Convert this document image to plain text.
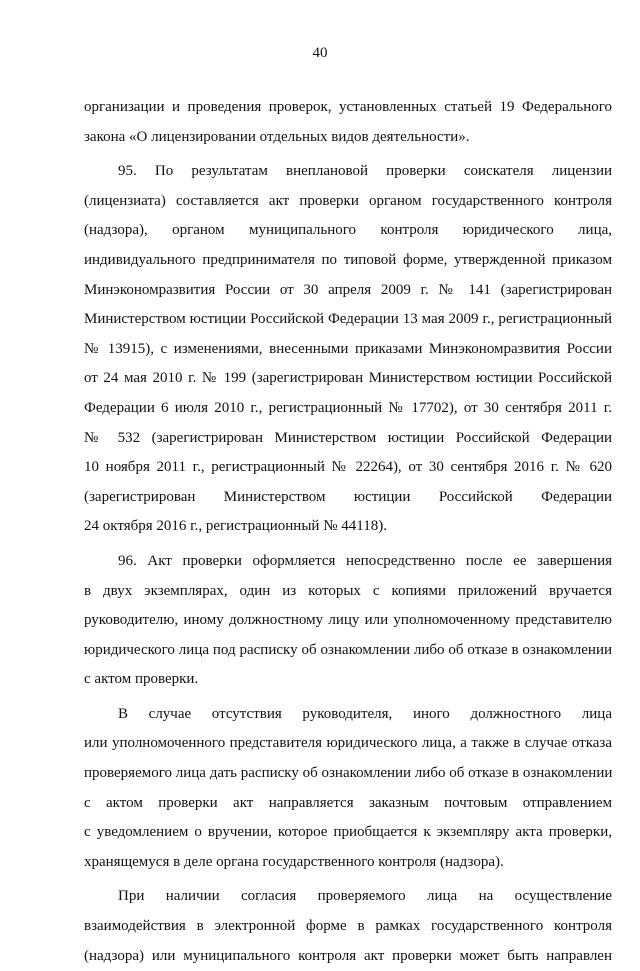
40
организации и проведения проверок, установленных статьей 19 Федерального
закона «О лицензировании отдельных видов деятельности».
95. По результатам внеплановой проверки соискателя лицензии
(лицензиата) составляется акт проверки органом государственного контроля
(надзора), органом муниципального контроля юридического лица,
индивидуального предпринимателя по типовой форме, утвержденной приказом
Минэкономразвития России от 30 апреля 2009 г. № 141 (зарегистрирован
Министерством юстиции Российской Федерации 13 мая 2009 г., регистрационный
№ 13915), с изменениями, внесенными приказами Минэкономразвития России
от 24 мая 2010 г. № 199 (зарегистрирован Министерством юстиции Российской
Федерации 6 июля 2010 г., регистрационный № 17702), от 30 сентября 2011 г.
№ 532 (зарегистрирован Министерством юстиции Российской Федерации
10 ноября 2011 г., регистрационный № 22264), от 30 сентября 2016 г. № 620
(зарегистрирован Министерством юстиции Российской Федерации
24 октября 2016 г., регистрационный № 44118).
96. Акт проверки оформляется непосредственно после ее завершения
в двух экземплярах, один из которых с копиями приложений вручается
руководителю, иному должностному лицу или уполномоченному представителю
юридического лица под расписку об ознакомлении либо об отказе в ознакомлении
с актом проверки.
В случае отсутствия руководителя, иного должностного лица
или уполномоченного представителя юридического лица, а также в случае отказа
проверяемого лица дать расписку об ознакомлении либо об отказе в ознакомлении
с актом проверки акт направляется заказным почтовым отправлением
с уведомлением о вручении, которое приобщается к экземпляру акта проверки,
хранящемуся в деле органа государственного контроля (надзора).
При наличии согласия проверяемого лица на осуществление
взаимодействия в электронной форме в рамках государственного контроля
(надзора) или муниципального контроля акт проверки может быть направлен
